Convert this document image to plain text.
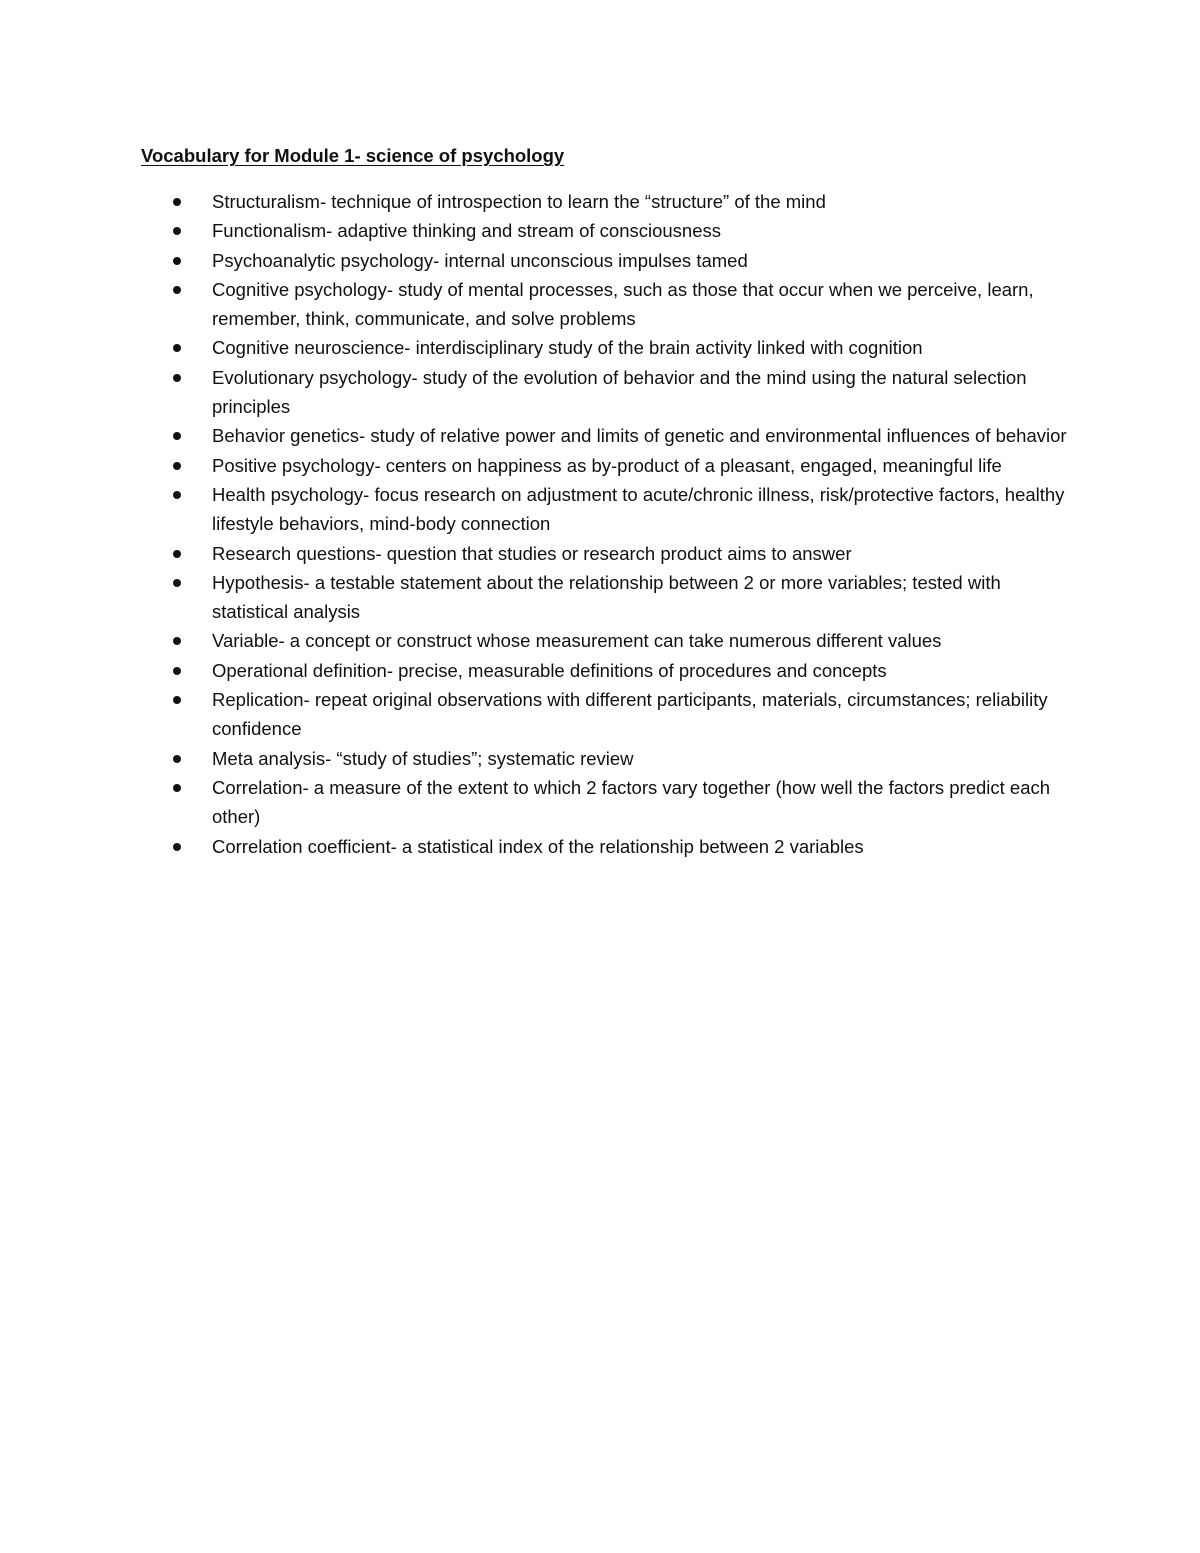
Vocabulary for Module 1- science of psychology
Structuralism- technique of introspection to learn the “structure” of the mind
Functionalism- adaptive thinking and stream of consciousness
Psychoanalytic psychology- internal unconscious impulses tamed
Cognitive psychology- study of mental processes, such as those that occur when we perceive, learn, remember, think, communicate, and solve problems
Cognitive neuroscience- interdisciplinary study of the brain activity linked with cognition
Evolutionary psychology- study of the evolution of behavior and the mind using the natural selection principles
Behavior genetics- study of relative power and limits of genetic and environmental influences of behavior
Positive psychology- centers on happiness as by-product of a pleasant, engaged, meaningful life
Health psychology- focus research on adjustment to acute/chronic illness, risk/protective factors, healthy lifestyle behaviors, mind-body connection
Research questions- question that studies or research product aims to answer
Hypothesis- a testable statement about the relationship between 2 or more variables; tested with statistical analysis
Variable- a concept or construct whose measurement can take numerous different values
Operational definition- precise, measurable definitions of procedures and concepts
Replication- repeat original observations with different participants, materials, circumstances; reliability confidence
Meta analysis- “study of studies”; systematic review
Correlation- a measure of the extent to which 2 factors vary together (how well the factors predict each other)
Correlation coefficient- a statistical index of the relationship between 2 variables
